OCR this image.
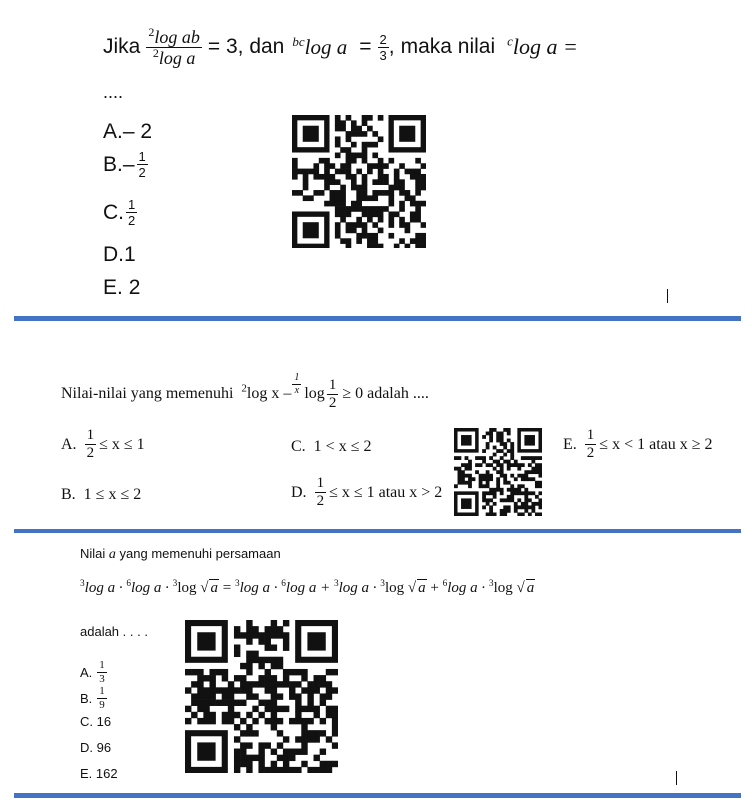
Jika $\frac{^2\log ab}{^2\log a} = 3$, dan $^{bc}$log $a = \frac{2}{3}$ , maka nilai $^c$log a =
....
A.– 2
B. – $\frac{1}{2}$
C. $\frac{1}{2}$
D.1
E. 2
Nilai-nilai yang memenuhi $^2$log x – $\frac{1}{x}$ $\log \frac{1}{2} \ge 0$ adalah ....
A. $\frac{1}{2} \le x \le 1$
B. 1 ≤ x ≤ 2
C. 1 < x ≤ 2
D. $\frac{1}{2} \le x \le 1$ atau x > 2
E. $\frac{1}{2} \le x < 1$ atau x ≥ 2
Nilai a yang memenuhi persamaan
$^3$log a · $^6$log a · $^3$log √ a = $^3$log a · $^6$log a + $^3$log a · $^3$log √ a + $^6$log a · $^3$log √ a
adalah . . . .
A. $\frac{1}{3}$
B. $\frac{1}{9}$
C. 16
D. 96
E. 162
